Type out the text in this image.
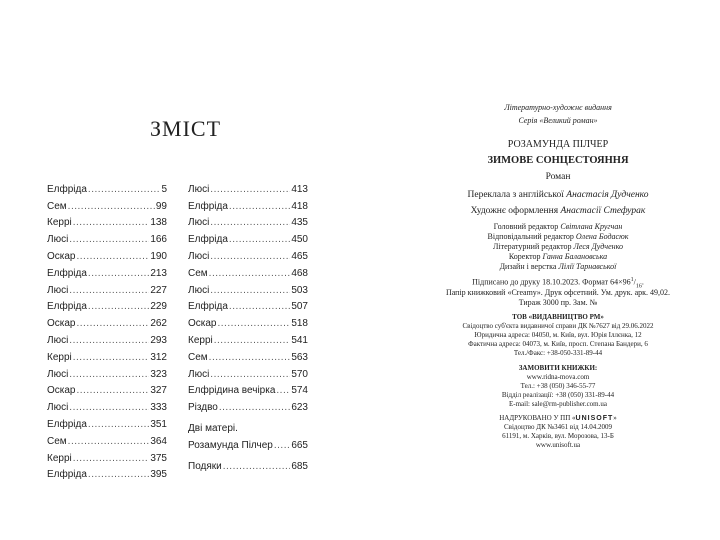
ЗМІСТ
Елфріда .....	5
Сем .....	99
Керрі .....	138
Люсі .....	166
Оскар .....	190
Елфріда .....	213
Люсі .....	227
Елфріда .....	229
Оскар .....	262
Люсі .....	293
Керрі .....	312
Люсі .....	323
Оскар .....	327
Люсі .....	333
Елфріда .....	351
Сем .....	364
Керрі .....	375
Елфріда .....	395
Люсі .....	413
Елфріда .....	418
Люсі .....	435
Елфріда .....	450
Люсі .....	465
Сем .....	468
Люсі .....	503
Елфріда .....	507
Оскар .....	518
Керрі .....	541
Сем .....	563
Люсі .....	570
Елфрідина вечірка ..... 574
Різдво .....	623
Дві матері.
Розамунда Пілчер ..... 665
Подяки .....	685
Літературно-художнє видання
Серія «Великий роман»
РОЗАМУНДА ПІЛЧЕР
ЗИМОВЕ СОНЦЕСТОЯННЯ
Роман
Переклала з англійської Анастасія Дудченко
Художнє оформлення Анастасії Стефурак
Головний редактор Світлана Кругчан
Відповідальний редактор Олена Бодасюк
Літературний редактор Леся Дудченко
Коректор Ганна Балановська
Дизайн і верстка Лілії Тарнавської
Підписано до друку 18.10.2023. Формат $64\times 96^1/_{16}$.
Папір книжковий «Creamy». Друк офсетний. Ум. друк. арк. 49,02.
Тираж 3000 пр. Зам. №
ТОВ «ВИДАВНИЦТВО РМ»
Свідоцтво суб'єкта видавничої справи ДК №7627 від 29.06.2022
Юридична адреса: 04050, м. Київ, вул. Юрія Іллєнка, 12
Фактична адреса: 04073, м. Київ, просп. Степана Бандери, 6
Тел./Факс: +38-050-331-89-44
ЗАМОВИТИ КНИЖКИ:
www.ridna-mova.com
Тел.: +38 (050) 346-55-77
Відділ реалізації: +38 (050) 331-89-44
E-mail: sale@rm-publisher.com.ua
НАДРУКОВАНО У ПП «UNISOFT»
Свідоцтво ДК №3461 від 14.04.2009
61191, м. Харків, вул. Морозова, 13-Б
www.unisoft.ua
